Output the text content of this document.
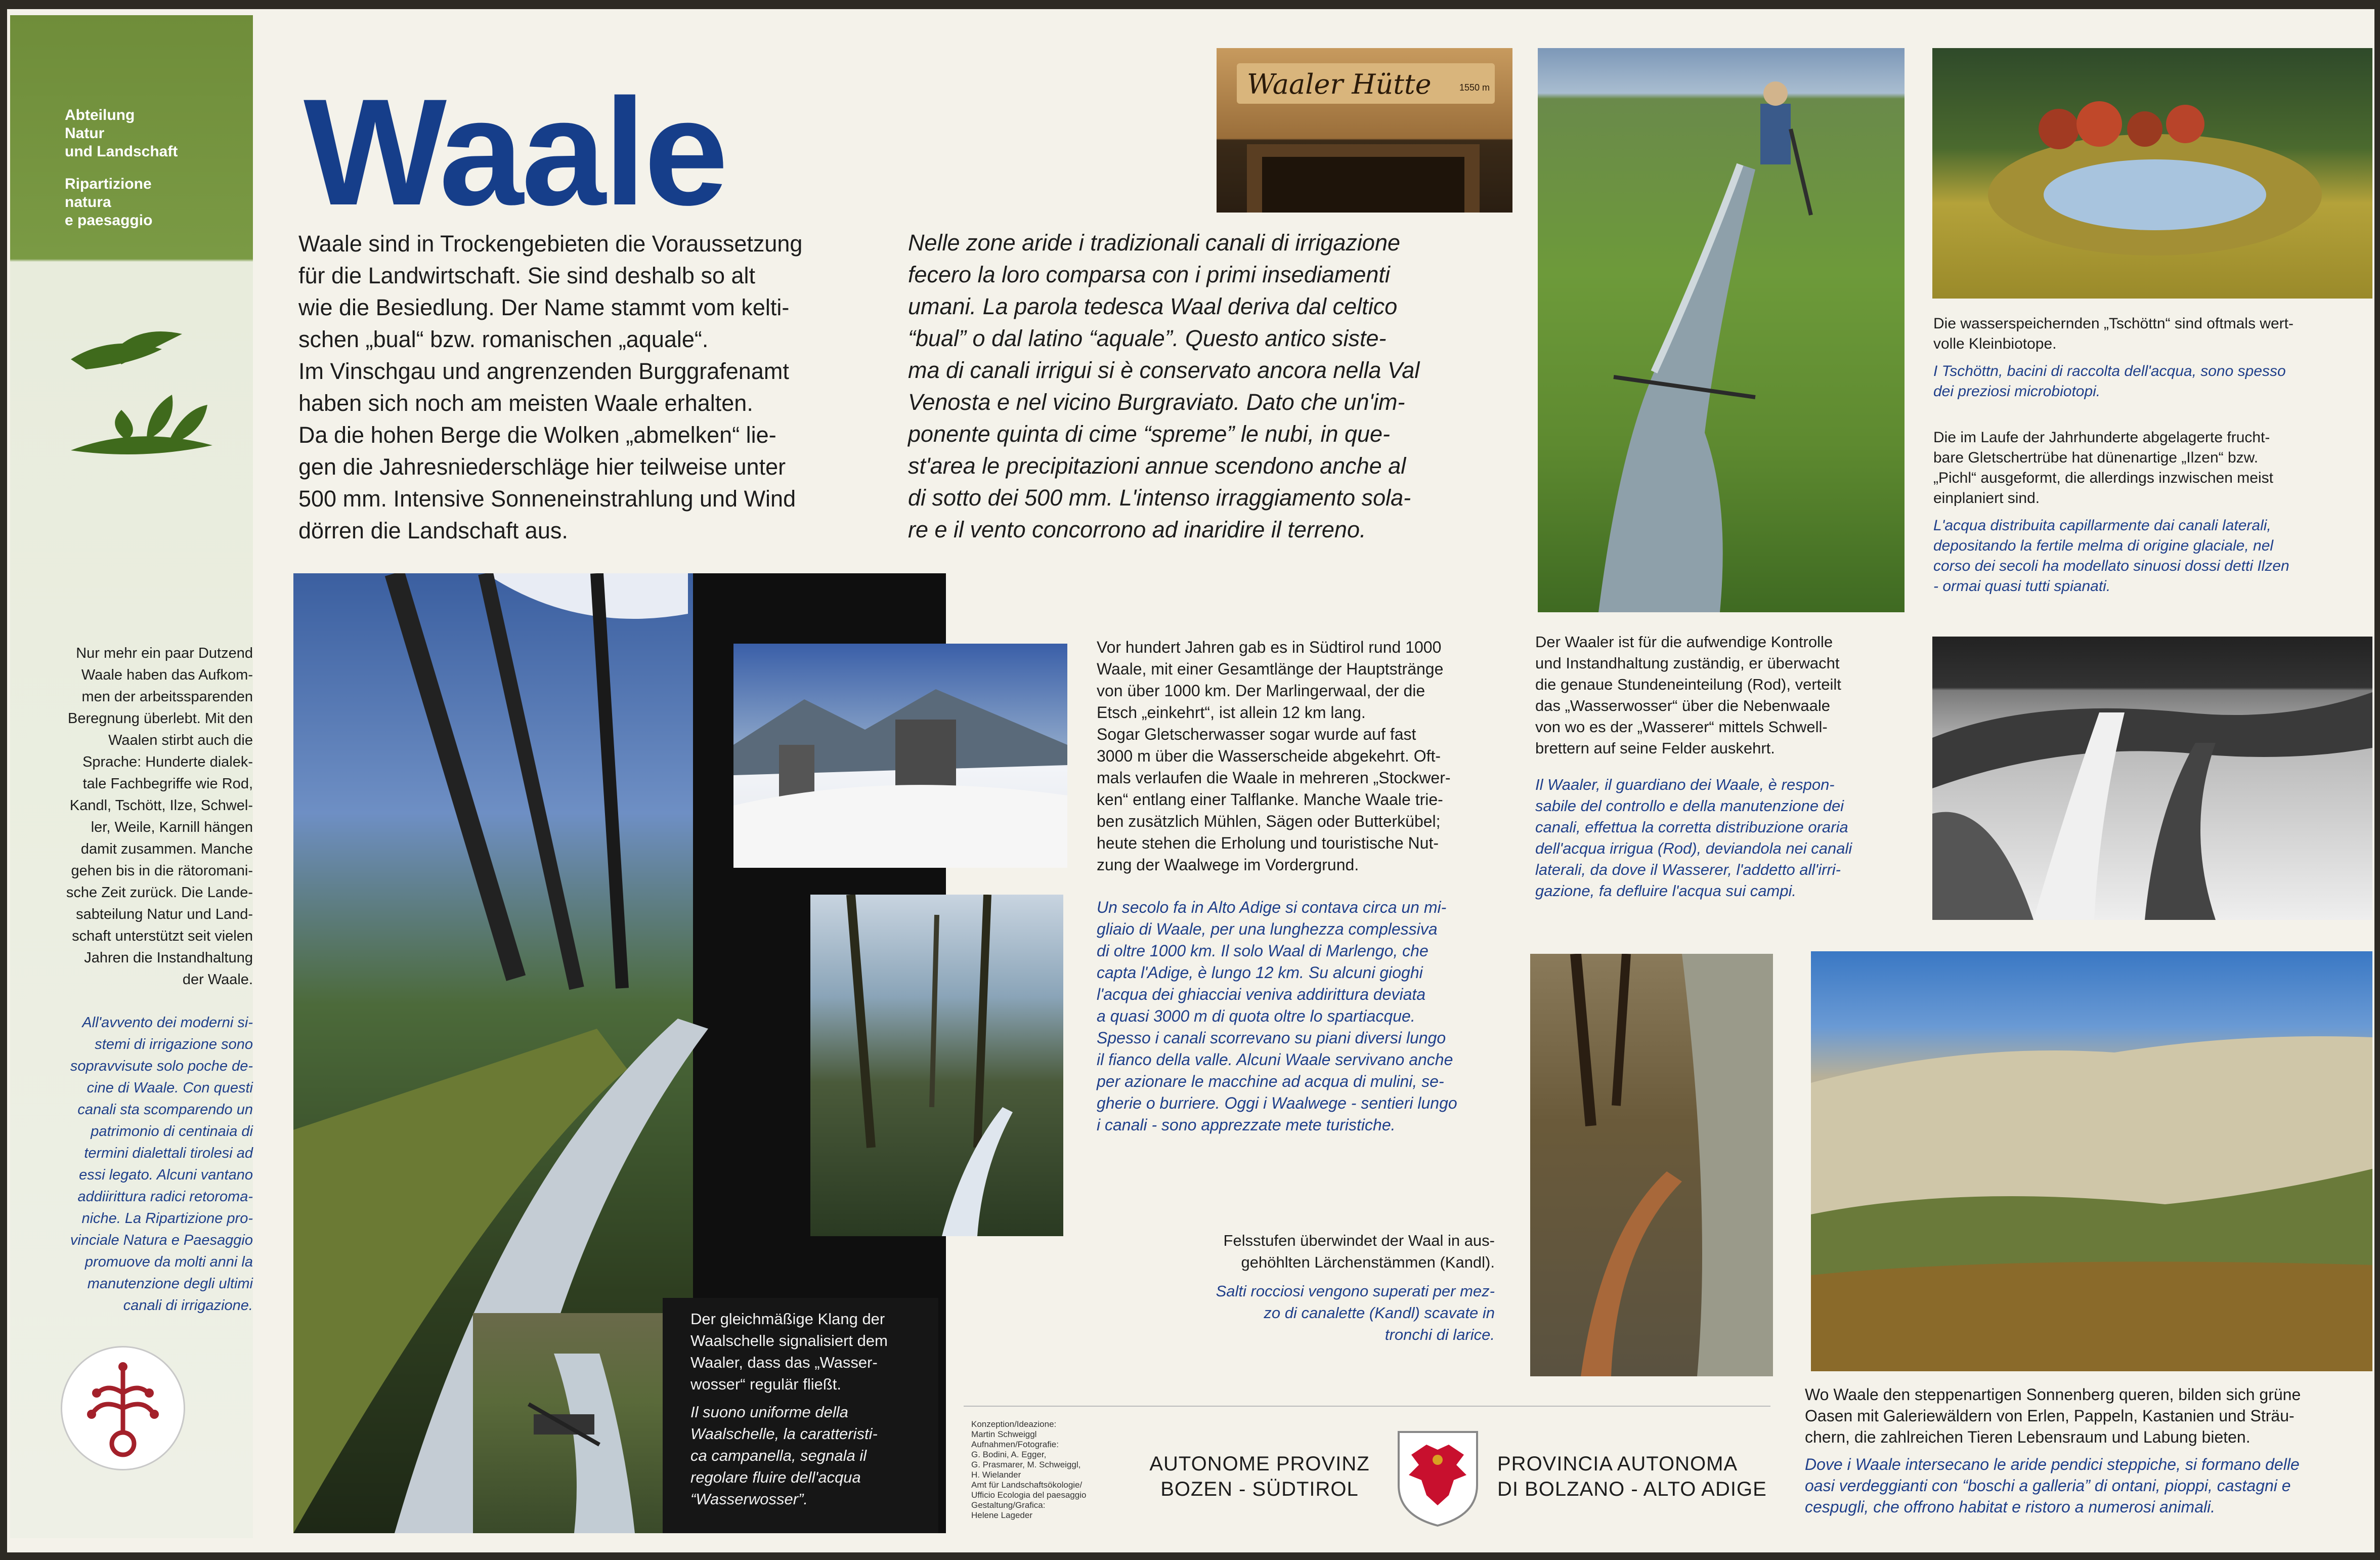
Abteilung
Natur
und Landschaft
Ripartizione
natura
e paesaggio
Nur mehr ein paar Dutzend
Waale haben das Aufkom-
men der arbeitssparenden
Beregnung überlebt. Mit den
Waalen stirbt auch die
Sprache: Hunderte dialek-
tale Fachbegriffe wie Rod,
Kandl, Tschött, Ilze, Schwel-
ler, Weile, Karnill hängen
damit zusammen. Manche
gehen bis in die rätoromani-
sche Zeit zurück. Die Lande-
sabteilung Natur und Land-
schaft unterstützt seit vielen
Jahren die Instandhaltung
der Waale.
All'avvento dei moderni si-
stemi di irrigazione sono
sopravvisute solo poche de-
cine di Waale. Con questi
canali sta scomparendo un
patrimonio di centinaia di
termini dialettali tirolesi ad
essi legato. Alcuni vantano
addiirittura radici retoroma-
niche. La Ripartizione pro-
vinciale Natura e Paesaggio
promuove da molti anni la
manutenzione degli ultimi
canali di irrigazione.
Waale
Waale sind in Trockengebieten die Voraussetzung
für die Landwirtschaft. Sie sind deshalb so alt
wie die Besiedlung. Der Name stammt vom kelti-
schen „bual“ bzw. romanischen „aquale“.
Im Vinschgau und angrenzenden Burggrafenamt
haben sich noch am meisten Waale erhalten.
Da die hohen Berge die Wolken „abmelken“ lie-
gen die Jahresniederschläge hier teilweise unter
500 mm. Intensive Sonneneinstrahlung und Wind
dörren die Landschaft aus.
Nelle zone aride i tradizionali canali di irrigazione
fecero la loro comparsa con i primi insediamenti
umani. La parola tedesca Waal deriva dal celtico
“bual” o dal latino “aquale”. Questo antico siste-
ma di canali irrigui si è conservato ancora nella Val
Venosta e nel vicino Burgraviato. Dato che un'im-
ponente quinta di cime “spreme” le nubi, in que-
st'area le precipitazioni annue scendono anche al
di sotto dei 500 mm. L'intenso irraggiamento sola-
re e il vento concorrono ad inaridire il terreno.
Waaler Hütte	1550 m
Der gleichmäßige Klang der
Waalschelle signalisiert dem
Waaler, dass das „Wasser-
wosser“ regulär fließt.
Il suono uniforme della
Waalschelle, la caratteristi-
ca campanella, segnala il
regolare fluire dell'acqua
“Wasserwosser”.
Vor hundert Jahren gab es in Südtirol rund 1000
Waale, mit einer Gesamtlänge der Hauptstränge
von über 1000 km. Der Marlingerwaal, der die
Etsch „einkehrt“, ist allein 12 km lang.
Sogar Gletscherwasser sogar wurde auf fast
3000 m über die Wasserscheide abgekehrt. Oft-
mals verlaufen die Waale in mehreren „Stockwer-
ken“ entlang einer Talflanke. Manche Waale trie-
ben zusätzlich Mühlen, Sägen oder Butterkübel;
heute stehen die Erholung und touristische Nut-
zung der Waalwege im Vordergrund.
Un secolo fa in Alto Adige si contava circa un mi-
gliaio di Waale, per una lunghezza complessiva
di oltre 1000 km. Il solo Waal di Marlengo, che
capta l'Adige, è lungo 12 km. Su alcuni gioghi
l'acqua dei ghiacciai veniva addirittura deviata
a quasi 3000 m di quota oltre lo spartiacque.
Spesso i canali scorrevano su piani diversi lungo
il fianco della valle. Alcuni Waale servivano anche
per azionare le macchine ad acqua di mulini, se-
gherie o burriere. Oggi i Waalwege - sentieri lungo
i canali - sono apprezzate mete turistiche.
Felsstufen überwindet der Waal in aus-
gehöhlten Lärchenstämmen (Kandl).
Salti rocciosi vengono superati per mez-
zo di canalette (Kandl) scavate in
tronchi di larice.
Der Waaler ist für die aufwendige Kontrolle
und Instandhaltung zuständig, er überwacht
die genaue Stundeneinteilung (Rod), verteilt
das „Wasserwosser“ über die Nebenwaale
von wo es der „Wasserer“ mittels Schwell-
brettern auf seine Felder auskehrt.
Il Waaler, il guardiano dei Waale, è respon-
sabile del controllo e della manutenzione dei
canali, effettua la corretta distribuzione oraria
dell'acqua irrigua (Rod), deviandola nei canali
laterali, da dove il Wasserer, l'addetto all'irri-
gazione, fa defluire l'acqua sui campi.
Die wasserspeichernden „Tschöttn“ sind oftmals wert-
volle Kleinbiotope.
I Tschöttn, bacini di raccolta dell'acqua, sono spesso
dei preziosi microbiotopi.
Die im Laufe der Jahrhunderte abgelagerte frucht-
bare Gletschertrübe hat dünenartige „Ilzen“ bzw.
„Pichl“ ausgeformt, die allerdings inzwischen meist
einplaniert sind.
L'acqua distribuita capillarmente dai canali laterali,
depositando la fertile melma di origine glaciale, nel
corso dei secoli ha modellato sinuosi dossi detti Ilzen
- ormai quasi tutti spianati.
Wo Waale den steppenartigen Sonnenberg queren, bilden sich grüne
Oasen mit Galeriewäldern von Erlen, Pappeln, Kastanien und Sträu-
chern, die zahlreichen Tieren Lebensraum und Labung bieten.
Dove i Waale intersecano le aride pendici steppiche, si formano delle
oasi verdeggianti con “boschi a galleria” di ontani, pioppi, castagni e
cespugli, che offrono habitat e ristoro a numerosi animali.
Konzeption/Ideazione:
Martin Schweiggl
Aufnahmen/Fotografie:
G. Bodini, A. Egger,
G. Prasmarer, M. Schweiggl,
H. Wielander
Amt für Landschaftsökologie/
Ufficio Ecologia del paesaggio
Gestaltung/Grafica:
Helene Lageder
AUTONOME PROVINZ
BOZEN - SÜDTIROL
PROVINCIA AUTONOMA
DI BOLZANO - ALTO ADIGE
